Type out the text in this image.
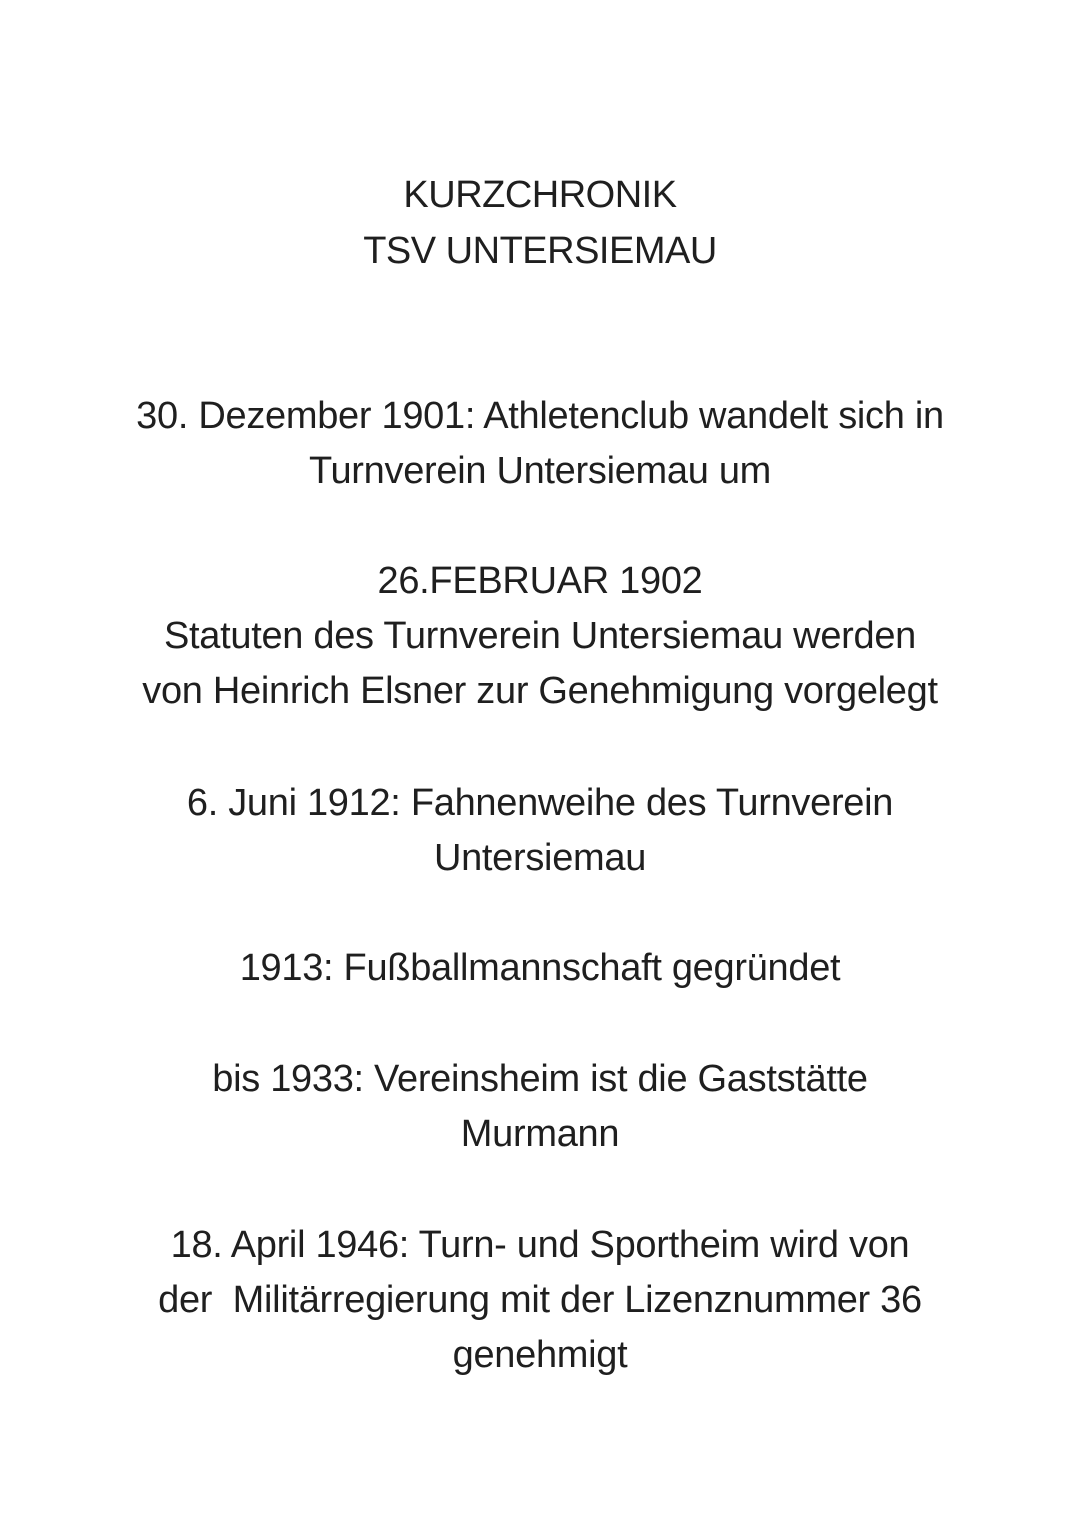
KURZCHRONIK
TSV UNTERSIEMAU
30. Dezember 1901: Athletenclub wandelt sich in
Turnverein Untersiemau um
26.FEBRUAR 1902
Statuten des Turnverein Untersiemau werden
von Heinrich Elsner zur Genehmigung vorgelegt
6. Juni 1912: Fahnenweihe des Turnverein
Untersiemau
1913: Fußballmannschaft gegründet
bis 1933: Vereinsheim ist die Gaststätte
Murmann
18. April 1946: Turn- und Sportheim wird von
der  Militärregierung mit der Lizenznummer 36
genehmigt
